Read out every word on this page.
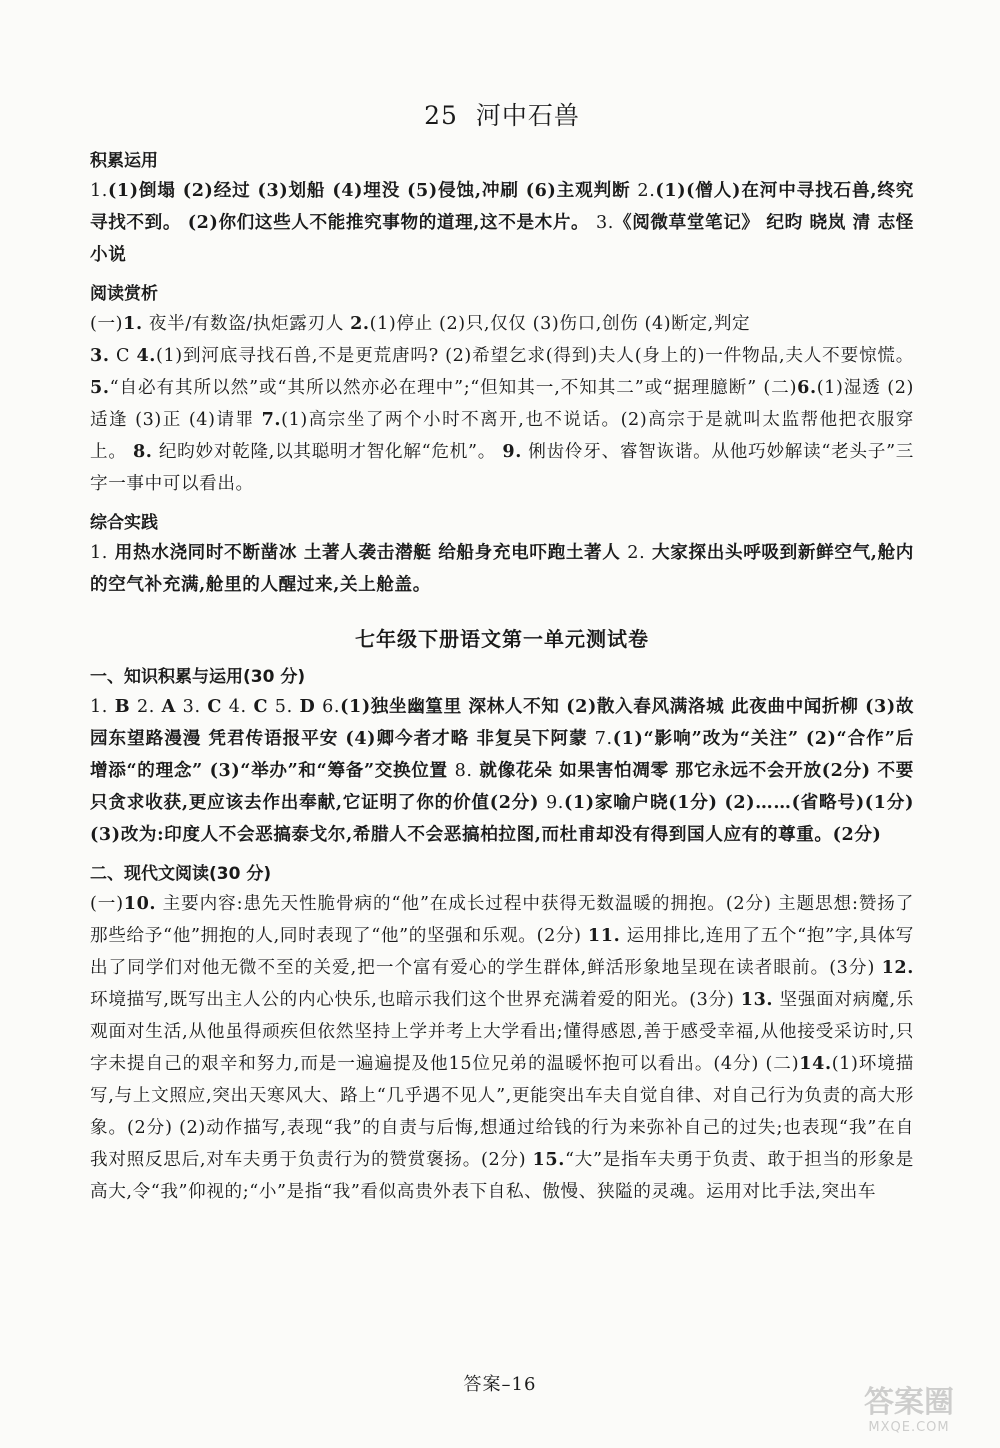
25 河中石兽
积累运用

1.(1)倒塌 (2)经过 (3)划船 (4)埋没 (5)侵蚀,冲刷 (6)主观判断 2.(1)(僧人)在河中寻找石兽,终究寻找不到。 (2)你们这些人不能推究事物的道理,这不是木片。 3.《阅微草堂笔记》 纪昀 晓岚 清 志怪小说

阅读赏析

(一)1. 夜半/有数盗/执炬露刃人 2.(1)停止 (2)只,仅仅 (3)伤口,创伤 (4)断定,判定

3. C 4.(1)到河底寻找石兽,不是更荒唐吗? (2)希望乞求(得到)夫人(身上的)一件物品,夫人不要惊慌。 5.“自必有其所以然”或“其所以然亦必在理中”;“但知其一,不知其二”或“据理臆断” (二)6.(1)湿透 (2)适逢 (3)正 (4)请罪 7.(1)高宗坐了两个小时不离开,也不说话。(2)高宗于是就叫太监帮他把衣服穿上。 8. 纪昀妙对乾隆,以其聪明才智化解“危机”。 9. 俐齿伶牙、睿智诙谐。从他巧妙解读“老头子”三字一事中可以看出。

综合实践

1. 用热水浇同时不断凿冰 土著人袭击潜艇 给船身充电吓跑土著人 2. 大家探出头呼吸到新鲜空气,舱内的空气补充满,舱里的人醒过来,关上舱盖。

七年级下册语文第一单元测试卷
一、知识积累与运用(30 分)

1. B 2. A 3. C 4. C 5. D 6.(1)独坐幽篁里 深林人不知 (2)散入春风满洛城 此夜曲中闻折柳 (3)故园东望路漫漫 凭君传语报平安 (4)卿今者才略 非复吴下阿蒙 7.(1)“影响”改为“关注” (2)“合作”后增添“的理念” (3)“举办”和“筹备”交换位置 8. 就像花朵 如果害怕凋零 那它永远不会开放(2分) 不要只贪求收获,更应该去作出奉献,它证明了你的价值(2分) 9.(1)家喻户晓(1分) (2)……(省略号)(1分) (3)改为:印度人不会恶搞泰戈尔,希腊人不会恶搞柏拉图,而杜甫却没有得到国人应有的尊重。(2分)

二、现代文阅读(30 分)

(一)10. 主要内容:患先天性脆骨病的“他”在成长过程中获得无数温暖的拥抱。(2分) 主题思想:赞扬了那些给予“他”拥抱的人,同时表现了“他”的坚强和乐观。(2分) 11. 运用排比,连用了五个“抱”字,具体写出了同学们对他无微不至的关爱,把一个富有爱心的学生群体,鲜活形象地呈现在读者眼前。(3分) 12. 环境描写,既写出主人公的内心快乐,也暗示我们这个世界充满着爱的阳光。(3分) 13. 坚强面对病魔,乐观面对生活,从他虽得顽疾但依然坚持上学并考上大学看出;懂得感恩,善于感受幸福,从他接受采访时,只字未提自己的艰辛和努力,而是一遍遍提及他15位兄弟的温暖怀抱可以看出。(4分) (二)14.(1)环境描写,与上文照应,突出天寒风大、路上“几乎遇不见人”,更能突出车夫自觉自律、对自己行为负责的高大形象。(2分) (2)动作描写,表现“我”的自责与后悔,想通过给钱的行为来弥补自己的过失;也表现“我”在自我对照反思后,对车夫勇于负责行为的赞赏褒扬。(2分) 15.“大”是指车夫勇于负责、敢于担当的形象是高大,令“我”仰视的;“小”是指“我”看似高贵外表下自私、傲慢、狭隘的灵魂。运用对比手法,突出车

答案–16
答案圈
MXQE.COM
